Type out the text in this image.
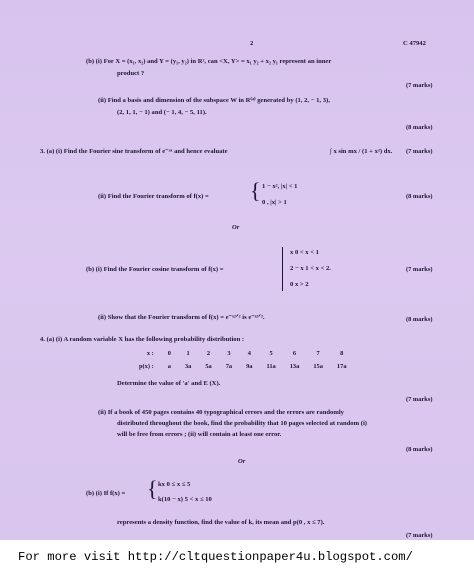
2	C 47942
(b) (i) For X = (x₁, x₂) and Y = (y₁, y₂) in R², can <X, Y> = x₁ y₂ + x₂ y₁ represent an inner
product ?
(7 marks)
(ii) Find a basis and dimension of the subspace W in R⁽⁴⁾ generated by (1, 2, − 1, 3),
(2, 1, 1, − 1) and (− 1, 4, − 5, 11).
(8 marks)
3. (a) (i) Find the Fourier sine transform of e⁻ᵃˣ and hence evaluate	∫ x sin mx / (1 + x²) dx. (7 marks)
(ii) Find the Fourier transform of f(x) = { 1 − x², |x| < 1
0 , |x| > 1
(8 marks)
Or
(b) (i) Find the Fourier cosine transform of f(x) =
x 0 < x < 1
2 − x 1 < x < 2.
0 x > 2
(7 marks)
(ii) Show that the Fourier transform of f(x) = e⁻ˣ²ᐟ² is e⁻ˢ²ᐟ².	(8 marks)
4. (a) (i) A random variable X has the following probability distribution :
x :	0	1	2	3	4	5	6	7	8

p(x) :	a	3a	5a	7a	9a	11a	13a	15a	17a
Determine the value of 'a' and E (X).
(7 marks)
(ii) If a book of 450 pages contains 40 typographical errors and the errors are randomly
distributed throughout the book, find the probability that 10 pages selected at random (i)
will be free from errors ; (ii) will contain at least one error.
(8 marks)
Or
(b) (i) If f(x) = { kx 0 ≤ x ≤ 5
k(10 − x) 5 < x ≤ 10
represents a density function, find the value of k, its mean and p(0 , x ≤ 7).
(7 marks)
For more visit http://cltquestionpaper4u.blogspot.com/
